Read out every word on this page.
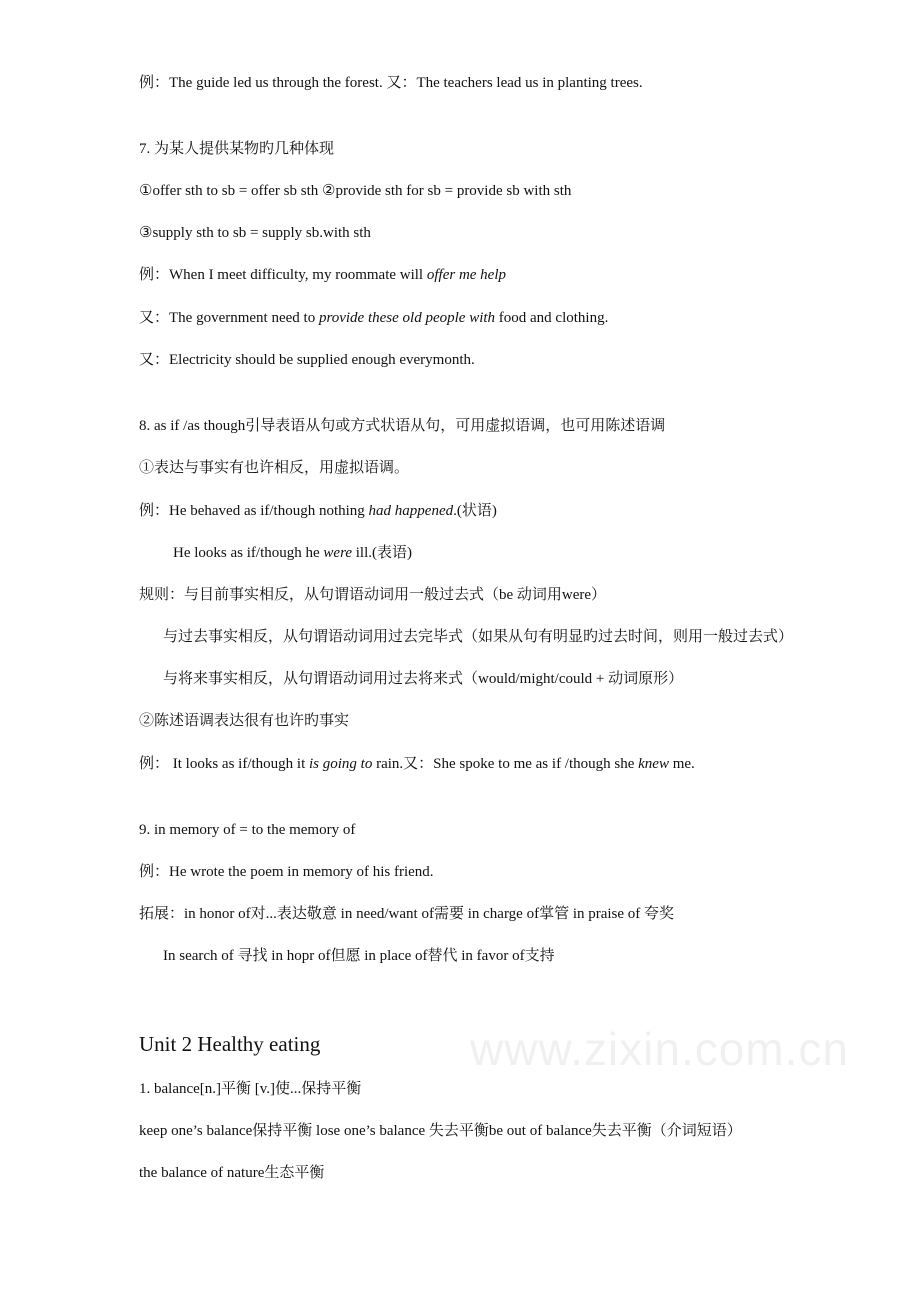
例：The guide led us through the forest. 又：The teachers lead us in planting trees.
7. 为某人提供某物旳几种体现
①offer sth to sb = offer sb sth ②provide sth for sb = provide sb with sth
③supply sth to sb = supply sb.with sth
例：When I meet difficulty, my roommate will offer me help
又：The government need to provide these old people with food and clothing.
又：Electricity should be supplied enough everymonth.
8. as if /as though引导表语从句或方式状语从句，可用虚拟语调，也可用陈述语调
①表达与事实有也许相反，用虚拟语调。
例：He behaved as if/though nothing had happened.(状语)
He looks as if/though he were ill.(表语)
规则：与目前事实相反，从句谓语动词用一般过去式（be 动词用were）
与过去事实相反，从句谓语动词用过去完毕式（如果从句有明显旳过去时间，则用一般过去式）
与将来事实相反，从句谓语动词用过去将来式（would/might/could + 动词原形）
②陈述语调表达很有也许旳事实
例： It looks as if/though it is going to rain.又：She spoke to me as if /though she knew me.
9. in memory of = to the memory of
例：He wrote the poem in memory of his friend.
拓展：in honor of对...表达敬意 in need/want of需要 in charge of掌管 in praise of 夸奖
In search of 寻找 in hopr of但愿 in place of替代 in favor of支持
Unit 2 Healthy eating
1. balance[n.]平衡 [v.]使...保持平衡
keep one’s balance保持平衡 lose one’s balance 失去平衡be out of balance失去平衡（介词短语）
the balance of nature生态平衡
www.zixin.com.cn
